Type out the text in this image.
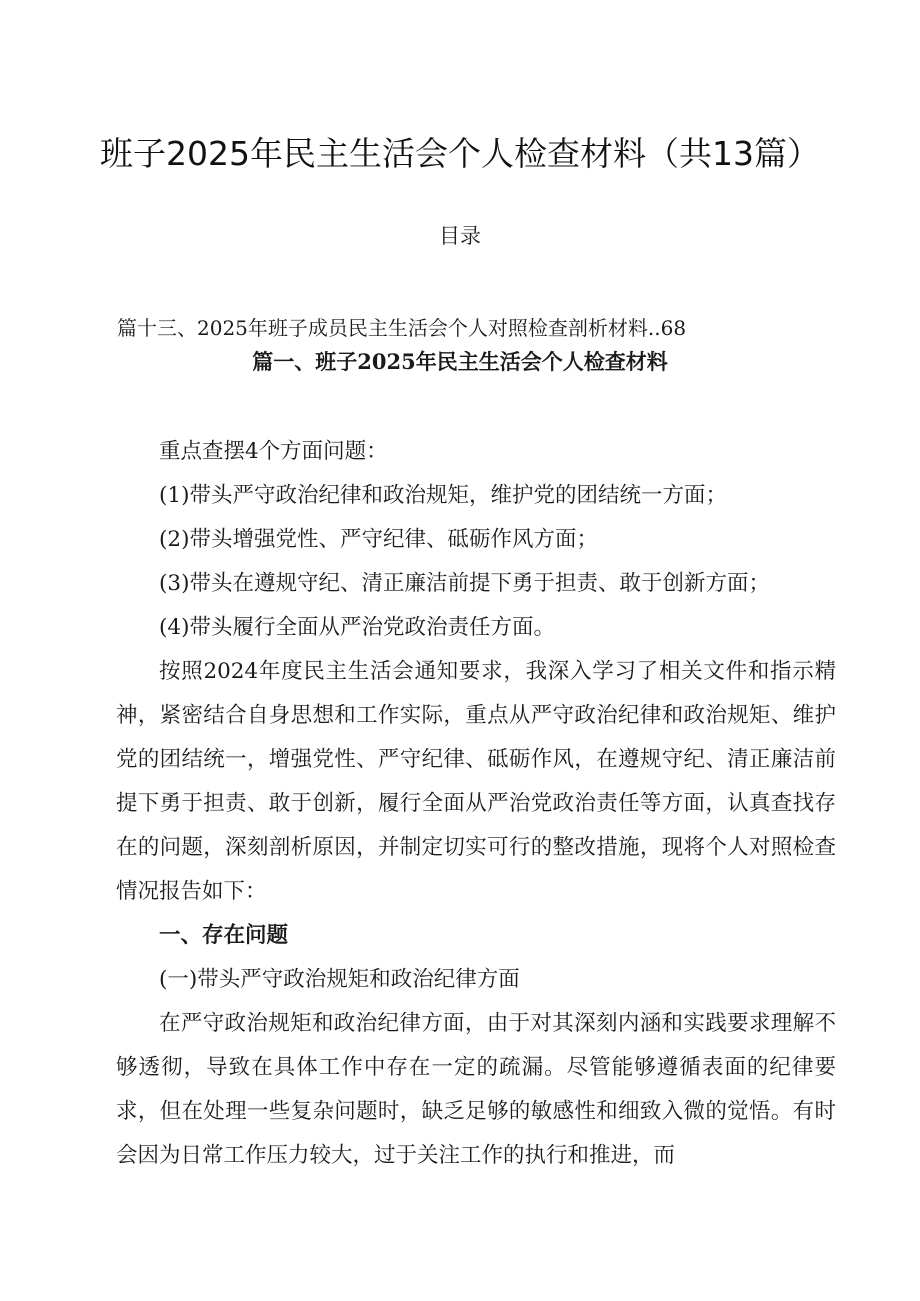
班子2025年民主生活会个人检查材料（共13篇）
目录
篇十三、2025年班子成员民主生活会个人对照检查剖析材料..68
篇一、班子2025年民主生活会个人检查材料

重点查摆4个方面问题：

(1)带头严守政治纪律和政治规矩，维护党的团结统一方面；

(2)带头增强党性、严守纪律、砥砺作风方面；

(3)带头在遵规守纪、清正廉洁前提下勇于担责、敢于创新方面；

(4)带头履行全面从严治党政治责任方面。

按照2024年度民主生活会通知要求，我深入学习了相关文件和指示精神，紧密结合自身思想和工作实际，重点从严守政治纪律和政治规矩、维护党的团结统一，增强党性、严守纪律、砥砺作风，在遵规守纪、清正廉洁前提下勇于担责、敢于创新，履行全面从严治党政治责任等方面，认真查找存在的问题，深刻剖析原因，并制定切实可行的整改措施，现将个人对照检查情况报告如下：

一、存在问题

(一)带头严守政治规矩和政治纪律方面

在严守政治规矩和政治纪律方面，由于对其深刻内涵和实践要求理解不够透彻，导致在具体工作中存在一定的疏漏。尽管能够遵循表面的纪律要求，但在处理一些复杂问题时，缺乏足够的敏感性和细致入微的觉悟。有时会因为日常工作压力较大，过于关注工作的执行和推进，而
